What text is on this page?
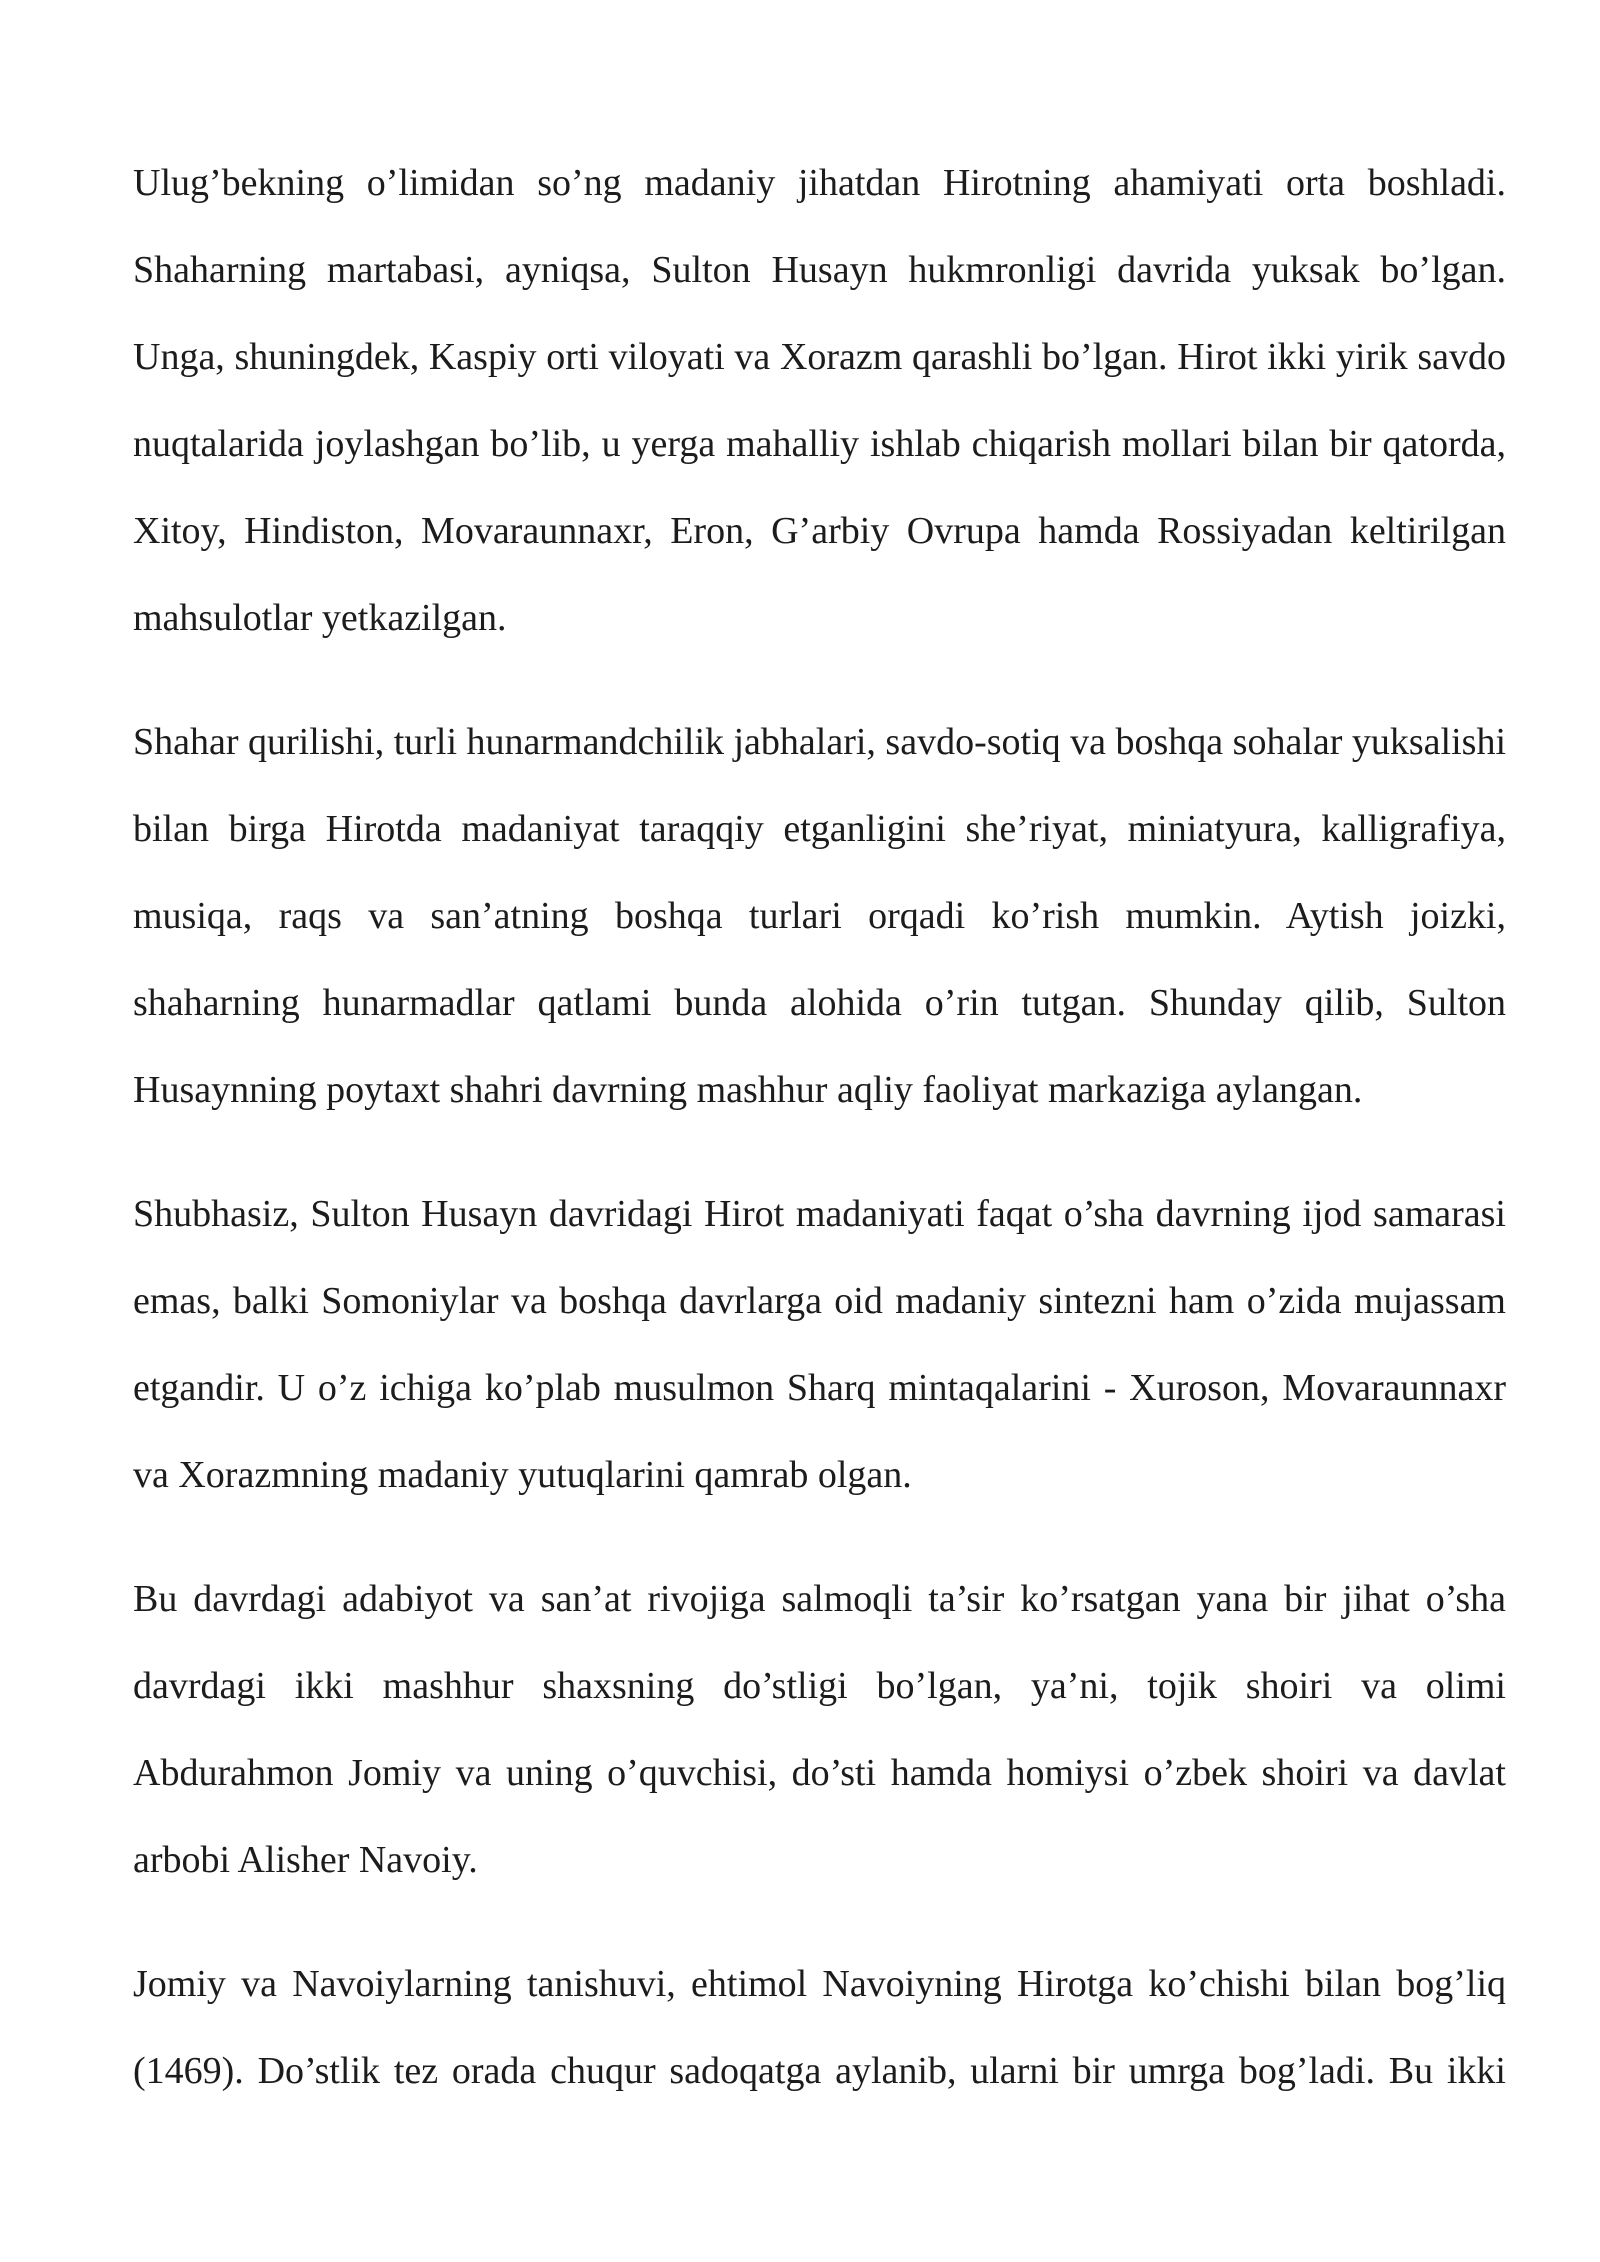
Ulug’bekning o’limidan so’ng madaniy jihatdan Hirotning ahamiyati orta boshladi. Shaharning martabasi, ayniqsa, Sulton Husayn hukmronligi davrida yuksak bo’lgan. Unga, shuningdek, Kaspiy orti viloyati va Xorazm qarashli bo’lgan. Hirot ikki yirik savdo nuqtalarida joylashgan bo’lib, u yerga mahalliy ishlab chiqarish mollari bilan bir qatorda, Xitoy, Hindiston, Movaraunnaxr, Eron, G’arbiy Ovrupa hamda Rossiyadan keltirilgan mahsulotlar yetkazilgan.

Shahar qurilishi, turli hunarmandchilik jabhalari, savdo-sotiq va boshqa sohalar yuksalishi bilan birga Hirotda madaniyat taraqqiy etganligini she’riyat, miniatyura, kalligrafiya, musiqa, raqs va san’atning boshqa turlari orqadi ko’rish mumkin. Aytish joizki, shaharning hunarmadlar qatlami bunda alohida o’rin tutgan. Shunday qilib, Sulton Husaynning poytaxt shahri davrning mashhur aqliy faoliyat markaziga aylangan.

Shubhasiz, Sulton Husayn davridagi Hirot madaniyati faqat o’sha davrning ijod samarasi emas, balki Somoniylar va boshqa davrlarga oid madaniy sintezni ham o’zida mujassam etgandir. U o’z ichiga ko’plab musulmon Sharq mintaqalarini - Xuroson, Movaraunnaxr va Xorazmning madaniy yutuqlarini qamrab olgan.

Bu davrdagi adabiyot va san’at rivojiga salmoqli ta’sir ko’rsatgan yana bir jihat o’sha davrdagi ikki mashhur shaxsning do’stligi bo’lgan, ya’ni, tojik shoiri va olimi Abdurahmon Jomiy va uning o’quvchisi, do’sti hamda homiysi o’zbek shoiri va davlat arbobi Alisher Navoiy.

Jomiy va Navoiylarning tanishuvi, ehtimol Navoiyning Hirotga ko’chishi bilan bog’liq (1469). Do’stlik tez orada chuqur sadoqatga aylanib, ularni bir umrga bog’ladi. Bu ikki
